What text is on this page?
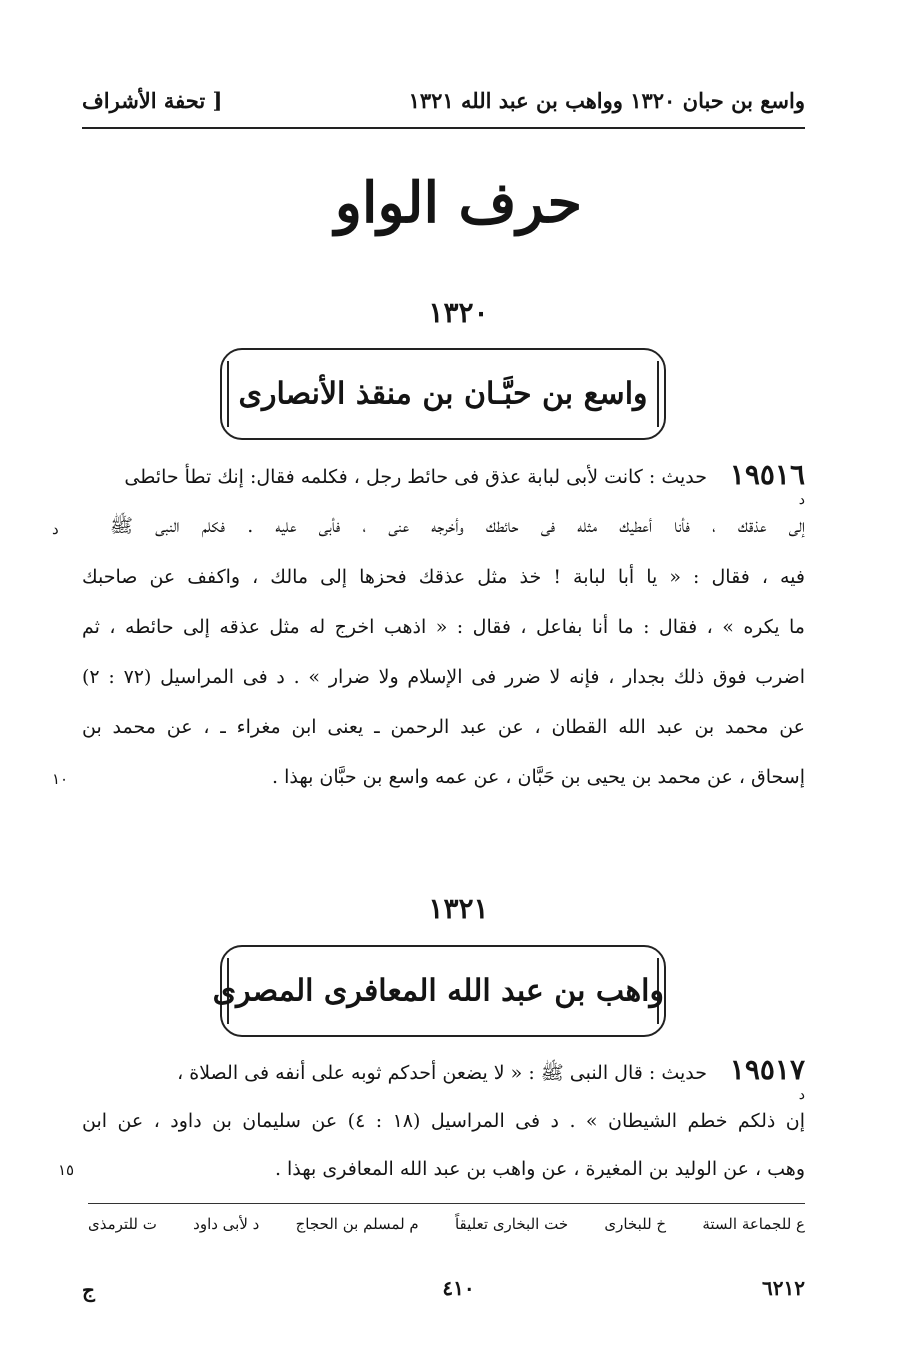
واسع بن حبان ١٣٢٠ وواهب بن عبد الله ١٣٢١
[ تحفة الأشراف
حرف الواو
١٣٢٠
واسع بن حبَّـان بن منقذ الأنصارى
١٩٥١٦
د
حديث : كانت لأبى لبابة عذق فى حائط رجل ، فكلمه فقال: إنك تطأ حائطى
إلى عذقك ، فأنا أعطيك مثله فى حائطك وأخرجه عنى ، فأبى عليه . فكلم النبى ﷺ
فيه ، فقال : « يا أبا لبابة ! خذ مثل عذقك فحزها إلى مالك ، واكفف عن صاحبك
ما يكره » ، فقال : ما أنا بفاعل ، فقال : « اذهب اخرج له مثل عذقه إلى حائطه ، ثم
اضرب فوق ذلك بجدار ، فإنه لا ضرر فى الإسلام ولا ضرار » . د فى المراسيل (٧٢ : ٢)
عن محمد بن عبد الله القطان ، عن عبد الرحمن ـ يعنى ابن مغراء ـ ، عن محمد بن
إسحاق ، عن محمد بن يحيى بن حَبَّان ، عن عمه واسع بن حبَّان بهذا .
د
١٠
١٣٢١
واهب بن عبد الله المعافرى المصرى
١٩٥١٧
د
حديث : قال النبى ﷺ : « لا يضعن أحدكم ثوبه على أنفه فى الصلاة ،
إن ذلكم خطم الشيطان » . د فى المراسيل (١٨ : ٤) عن سليمان بن داود ، عن ابن
وهب ، عن الوليد بن المغيرة ، عن واهب بن عبد الله المعافرى بهذا .
١٥
ع للجماعة الستة
خ للبخارى
خت البخارى تعليقاً
م لمسلم بن الحجاج
د لأبى داود
ت للترمذى
٦٢١٢
٤١٠
ج
